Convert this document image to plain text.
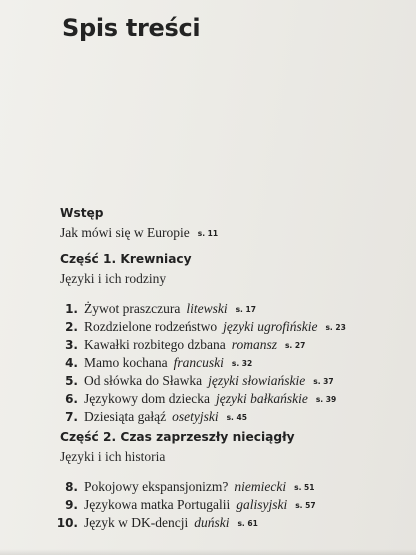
Spis treści
Wstęp
Jak mówi się w Europie s. 11
Część 1. Krewniacy
Języki i ich rodziny
1. Żywot praszczura litewski s. 17
2. Rozdzielone rodzeństwo języki ugrofińskie s. 23
3. Kawałki rozbitego dzbana romansz s. 27
4. Mamo kochana francuski s. 32
5. Od słówka do Sławka języki słowiańskie s. 37
6. Językowy dom dziecka języki bałkańskie s. 39
7. Dziesiąta gałąź osetyjski s. 45
Część 2. Czas zaprzeszły nieciągły
Języki i ich historia
8. Pokojowy ekspansjonizm? niemiecki s. 51
9. Językowa matka Portugalii galisyjski s. 57
10. Język w DK-dencji duński s. 61
